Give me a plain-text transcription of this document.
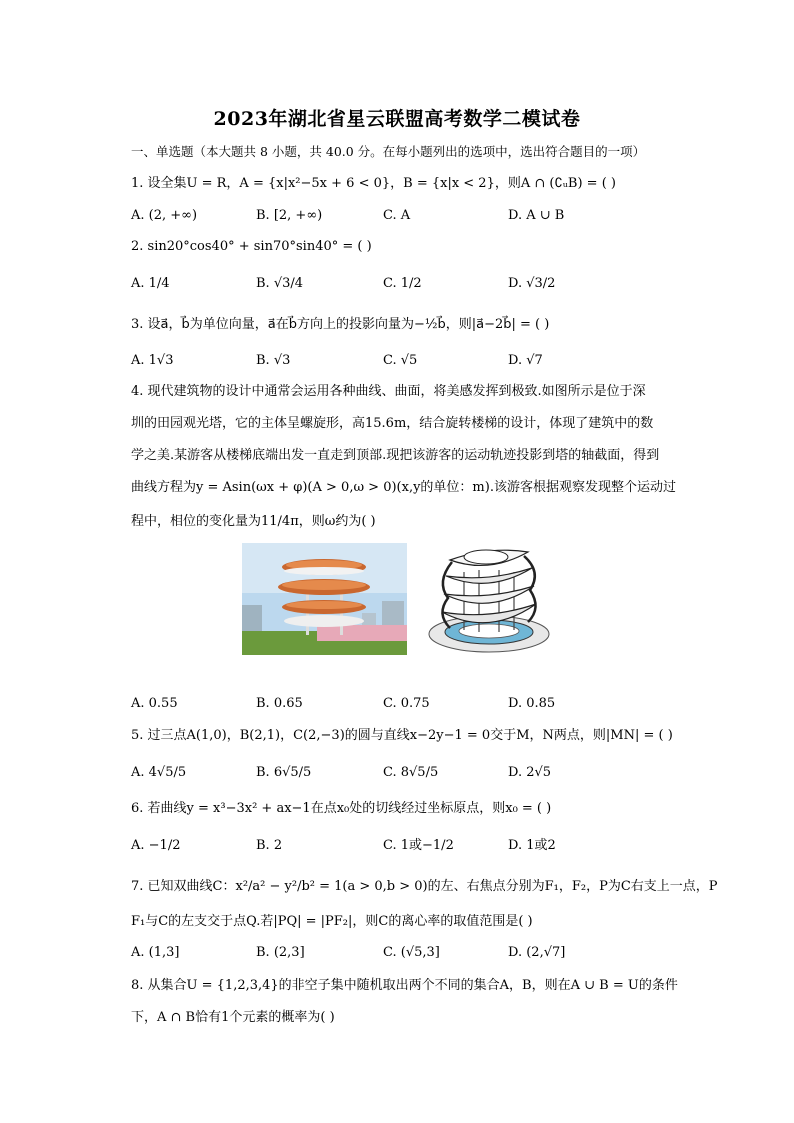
2023年湖北省星云联盟高考数学二模试卷
一、单选题（本大题共 8 小题，共 40.0 分。在每小题列出的选项中，选出符合题目的一项）
1. 设全集U = R，A = {x|x²−5x + 6 < 0}，B = {x|x < 2}，则A ∩ (∁ᵤB) = ( )
A. (2, +∞)	B. [2, +∞)	C. A	D. A ∪ B
2. sin20°cos40° + sin70°sin40° = ( )
A. 1/4	B. √3/4	C. 1/2	D. √3/2
3. 设a⃗，b⃗为单位向量，a⃗在b⃗方向上的投影向量为−½b⃗，则|a⃗−2b⃗| = ( )
A. 1√3	B. √3	C. √5	D. √7
4. 现代建筑物的设计中通常会运用各种曲线、曲面，将美感发挥到极致.如图所示是位于深
圳的田园观光塔，它的主体呈螺旋形，高15.6m，结合旋转楼梯的设计，体现了建筑中的数
学之美.某游客从楼梯底端出发一直走到顶部.现把该游客的运动轨迹投影到塔的轴截面，得到
曲线方程为y = Asin(ωx + φ)(A > 0,ω > 0)(x,y的单位：m).该游客根据观察发现整个运动过
程中，相位的变化量为11/4π，则ω约为( )
A. 0.55	B. 0.65	C. 0.75	D. 0.85
5. 过三点A(1,0)，B(2,1)，C(2,−3)的圆与直线x−2y−1 = 0交于M，N两点，则|MN| = ( )
A. 4√5/5	B. 6√5/5	C. 8√5/5	D. 2√5
6. 若曲线y = x³−3x² + ax−1在点x₀处的切线经过坐标原点，则x₀ = ( )
A. −1/2	B. 2	C. 1或−1/2	D. 1或2
7. 已知双曲线C：x²/a² − y²/b² = 1(a > 0,b > 0)的左、右焦点分别为F₁，F₂，P为C右支上一点，P
F₁与C的左支交于点Q.若|PQ| = |PF₂|，则C的离心率的取值范围是( )
A. (1,3]	B. (2,3]	C. (√5,3]	D. (2,√7]
8. 从集合U = {1,2,3,4}的非空子集中随机取出两个不同的集合A，B，则在A ∪ B = U的条件
下，A ∩ B恰有1个元素的概率为( )
